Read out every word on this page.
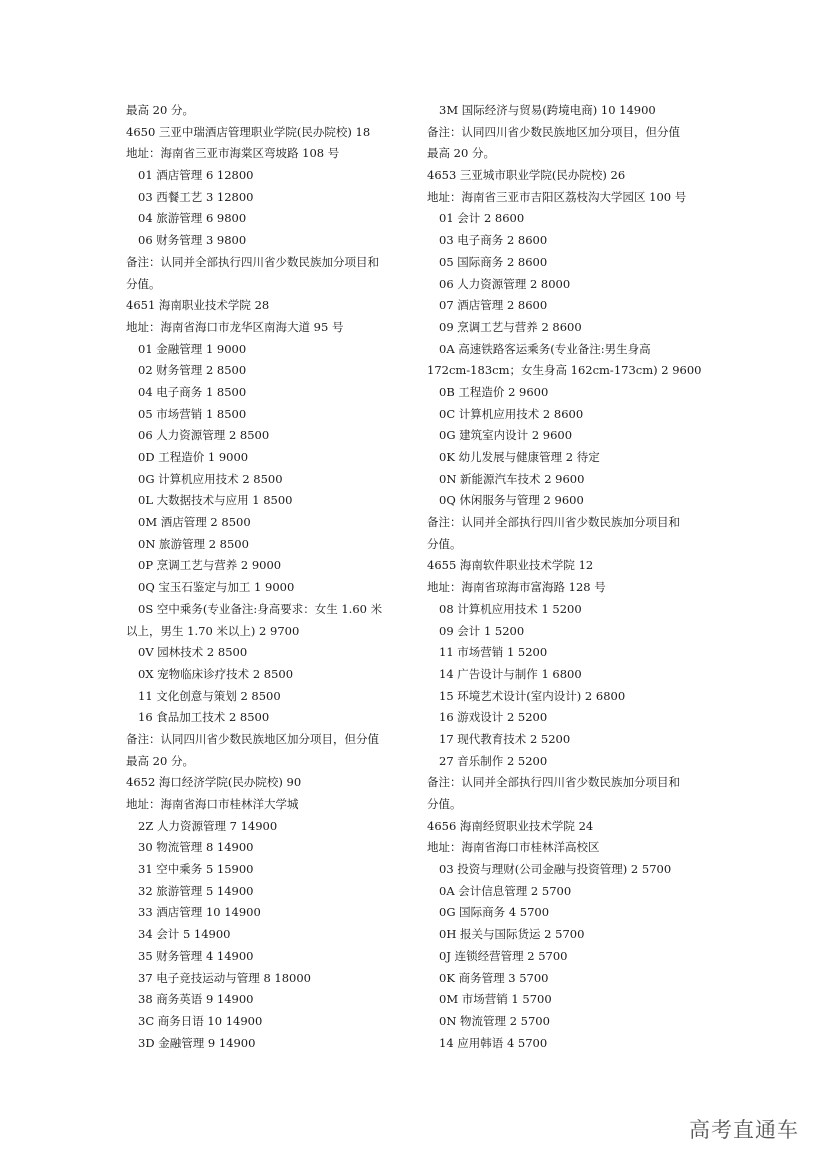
最高 20 分。
4650 三亚中瑞酒店管理职业学院(民办院校) 18
地址：海南省三亚市海棠区弯坡路 108 号
01 酒店管理 6 12800
03 西餐工艺 3 12800
04 旅游管理 6 9800
06 财务管理 3 9800
备注：认同并全部执行四川省少数民族加分项目和
分值。
4651 海南职业技术学院 28
地址：海南省海口市龙华区南海大道 95 号
01 金融管理 1 9000
02 财务管理 2 8500
04 电子商务 1 8500
05 市场营销 1 8500
06 人力资源管理 2 8500
0D 工程造价 1 9000
0G 计算机应用技术 2 8500
0L 大数据技术与应用 1 8500
0M 酒店管理 2 8500
0N 旅游管理 2 8500
0P 烹调工艺与营养 2 9000
0Q 宝玉石鉴定与加工 1 9000
0S 空中乘务(专业备注:身高要求：女生 1.60 米
以上，男生 1.70 米以上) 2 9700
0V 园林技术 2 8500
0X 宠物临床诊疗技术 2 8500
11 文化创意与策划 2 8500
16 食品加工技术 2 8500
备注：认同四川省少数民族地区加分项目，但分值
最高 20 分。
4652 海口经济学院(民办院校) 90
地址：海南省海口市桂林洋大学城
2Z 人力资源管理 7 14900
30 物流管理 8 14900
31 空中乘务 5 15900
32 旅游管理 5 14900
33 酒店管理 10 14900
34 会计 5 14900
35 财务管理 4 14900
37 电子竞技运动与管理 8 18000
38 商务英语 9 14900
3C 商务日语 10 14900
3D 金融管理 9 14900
3M 国际经济与贸易(跨境电商) 10 14900
备注：认同四川省少数民族地区加分项目，但分值
最高 20 分。
4653 三亚城市职业学院(民办院校) 26
地址：海南省三亚市吉阳区荔枝沟大学园区 100 号
01 会计 2 8600
03 电子商务 2 8600
05 国际商务 2 8600
06 人力资源管理 2 8000
07 酒店管理 2 8600
09 烹调工艺与营养 2 8600
0A 高速铁路客运乘务(专业备注:男生身高
172cm-183cm；女生身高 162cm-173cm) 2 9600
0B 工程造价 2 9600
0C 计算机应用技术 2 8600
0G 建筑室内设计 2 9600
0K 幼儿发展与健康管理 2 待定
0N 新能源汽车技术 2 9600
0Q 休闲服务与管理 2 9600
备注：认同并全部执行四川省少数民族加分项目和
分值。
4655 海南软件职业技术学院 12
地址：海南省琼海市富海路 128 号
08 计算机应用技术 1 5200
09 会计 1 5200
11 市场营销 1 5200
14 广告设计与制作 1 6800
15 环境艺术设计(室内设计) 2 6800
16 游戏设计 2 5200
17 现代教育技术 2 5200
27 音乐制作 2 5200
备注：认同并全部执行四川省少数民族加分项目和
分值。
4656 海南经贸职业技术学院 24
地址：海南省海口市桂林洋高校区
03 投资与理财(公司金融与投资管理) 2 5700
0A 会计信息管理 2 5700
0G 国际商务 4 5700
0H 报关与国际货运 2 5700
0J 连锁经营管理 2 5700
0K 商务管理 3 5700
0M 市场营销 1 5700
0N 物流管理 2 5700
14 应用韩语 4 5700
高考直通车
